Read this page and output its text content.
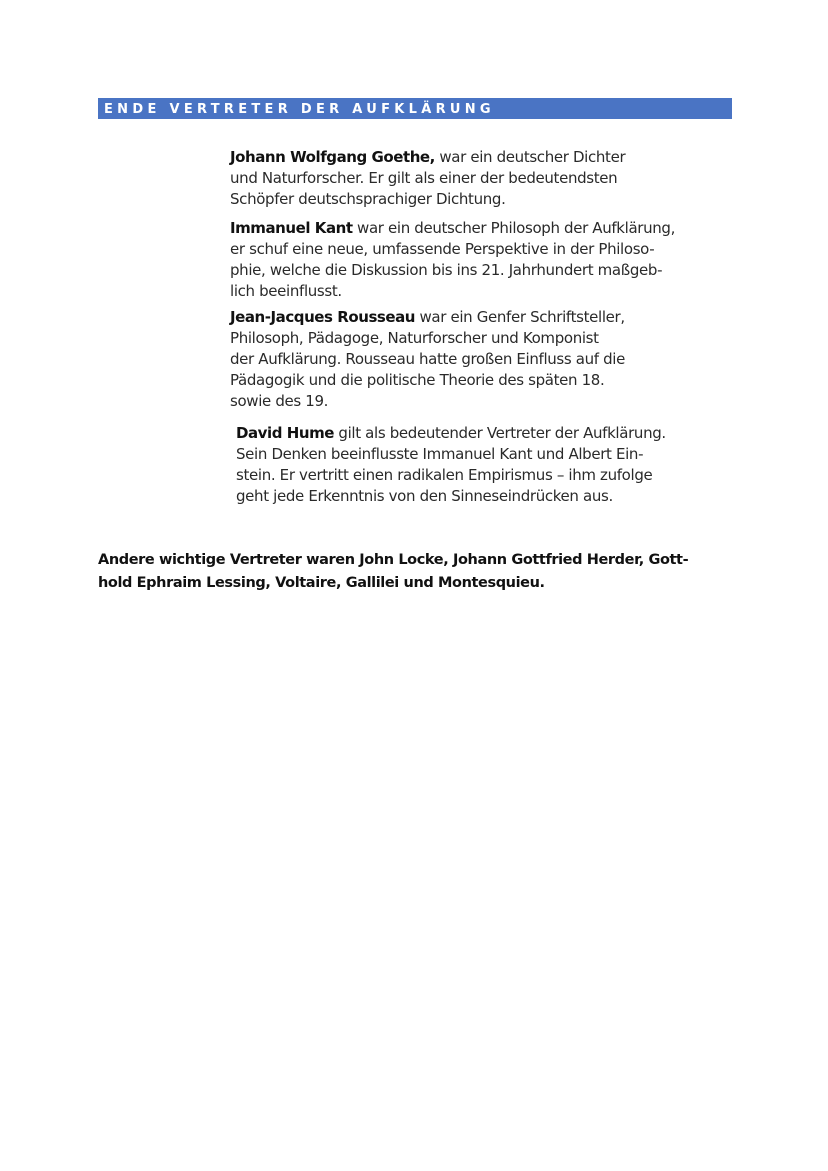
ENDE VERTRETER DER AUFKLÄRUNG

Johann Wolfgang Goethe, war ein deutscher Dichter
und Naturforscher. Er gilt als einer der bedeutendsten
Schöpfer deutschsprachiger Dichtung.

Immanuel Kant war ein deutscher Philosoph der Aufklärung,
er schuf eine neue, umfassende Perspektive in der Philoso-
phie, welche die Diskussion bis ins 21. Jahrhundert maßgeb-
lich beeinflusst.

Jean-Jacques Rousseau war ein Genfer Schriftsteller,
Philosoph, Pädagoge, Naturforscher und Komponist
der Aufklärung. Rousseau hatte großen Einfluss auf die
Pädagogik und die politische Theorie des späten 18.
sowie des 19.

David Hume gilt als bedeutender Vertreter der Aufklärung.
Sein Denken beeinflusste Immanuel Kant und Albert Ein-
stein. Er vertritt einen radikalen Empirismus – ihm zufolge
geht jede Erkenntnis von den Sinneseindrücken aus.

Andere wichtige Vertreter waren John Locke, Johann Gottfried Herder, Gott-
hold Ephraim Lessing, Voltaire, Gallilei und Montesquieu.
